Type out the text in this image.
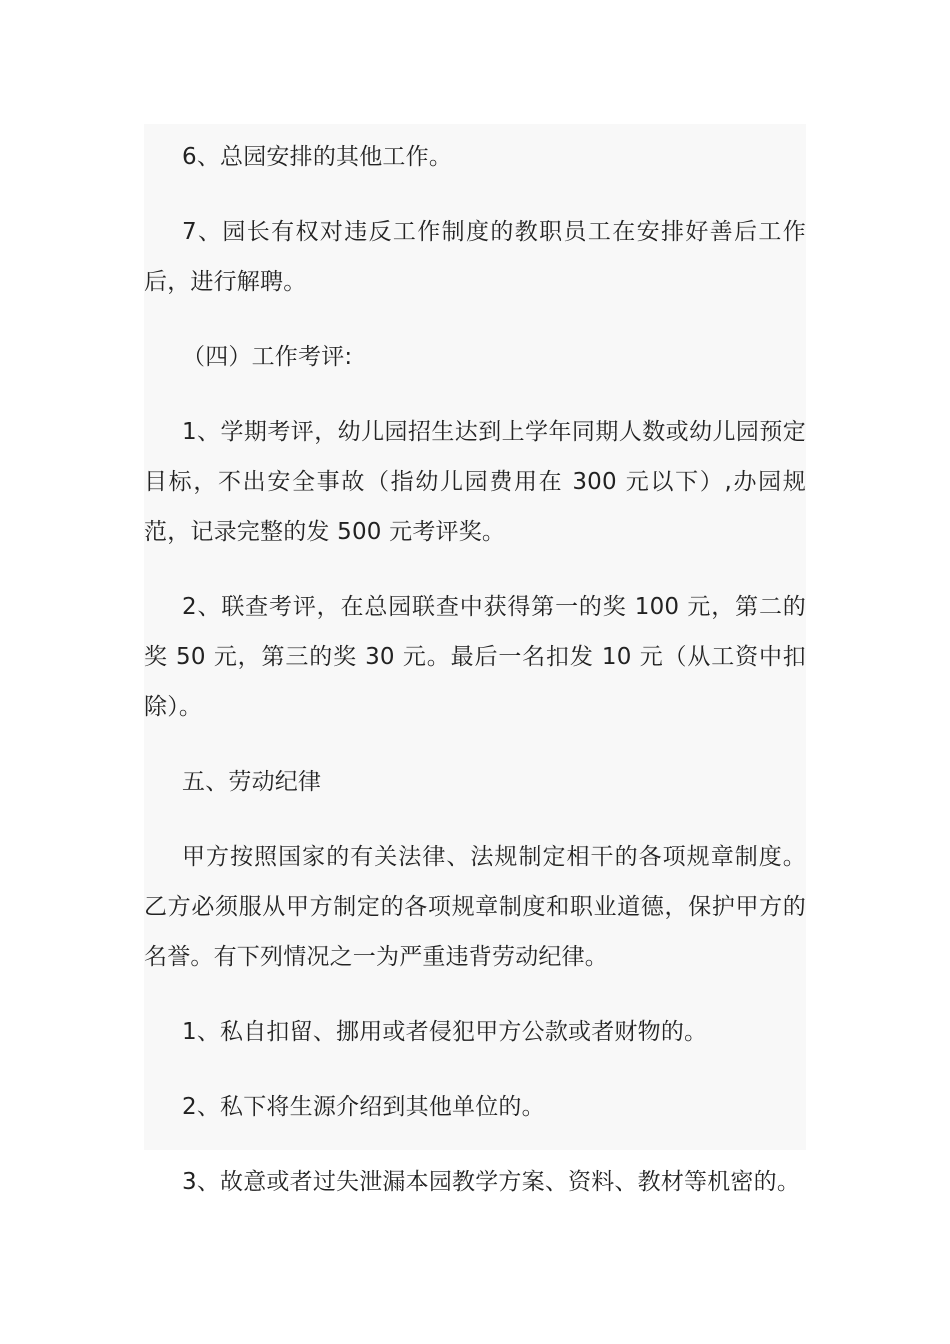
6、总园安排的其他工作。

7、园长有权对违反工作制度的教职员工在安排好善后工作后，进行解聘。

（四）工作考评:

1、学期考评，幼儿园招生达到上学年同期人数或幼儿园预定目标，不出安全事故（指幼儿园费用在 300 元以下）,办园规范，记录完整的发 500 元考评奖。

2、联查考评，在总园联查中获得第一的奖 100 元，第二的奖 50 元，第三的奖 30 元。最后一名扣发 10 元（从工资中扣除）。

五、劳动纪律

甲方按照国家的有关法律、法规制定相干的各项规章制度。乙方必须服从甲方制定的各项规章制度和职业道德，保护甲方的名誉。有下列情况之一为严重违背劳动纪律。

1、私自扣留、挪用或者侵犯甲方公款或者财物的。

2、私下将生源介绍到其他单位的。

3、故意或者过失泄漏本园教学方案、资料、教材等机密的。
